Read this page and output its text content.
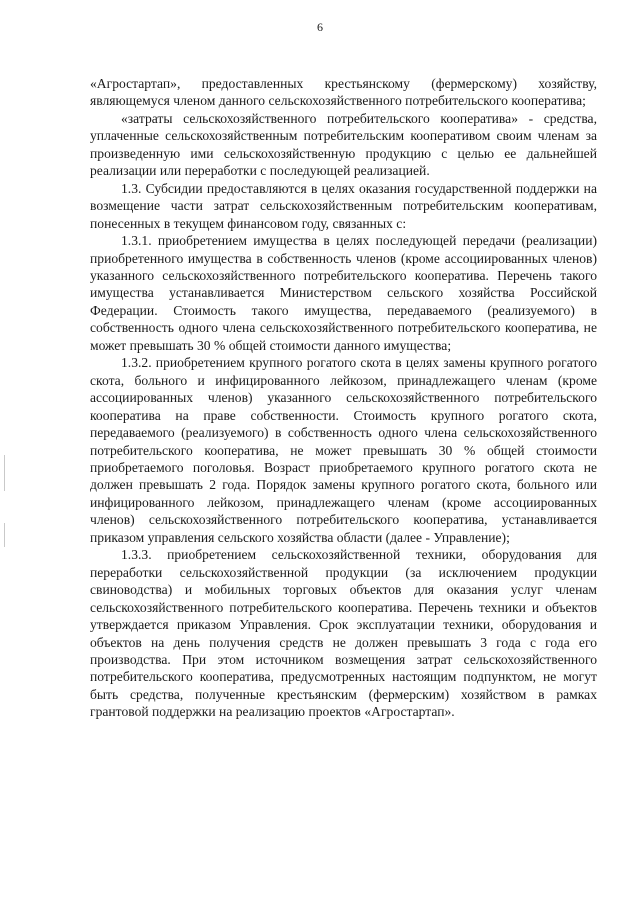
6

«Агростартап», предоставленных крестьянскому (фермерскому) хозяйству, являющемуся членом данного сельскохозяйственного потребительского кооператива;

«затраты сельскохозяйственного потребительского кооператива» - средства, уплаченные сельскохозяйственным потребительским кооперативом своим членам за произведенную ими сельскохозяйственную продукцию с целью ее дальнейшей реализации или переработки с последующей реализацией.

1.3. Субсидии предоставляются в целях оказания государственной поддержки на возмещение части затрат сельскохозяйственным потребительским кооперативам, понесенных в текущем финансовом году, связанных с:

1.3.1. приобретением имущества в целях последующей передачи (реализации) приобретенного имущества в собственность членов (кроме ассоциированных членов) указанного сельскохозяйственного потребительского кооператива. Перечень такого имущества устанавливается Министерством сельского хозяйства Российской Федерации. Стоимость такого имущества, передаваемого (реализуемого) в собственность одного члена сельскохозяйственного потребительского кооператива, не может превышать 30 % общей стоимости данного имущества;

1.3.2. приобретением крупного рогатого скота в целях замены крупного рогатого скота, больного и инфицированного лейкозом, принадлежащего членам (кроме ассоциированных членов) указанного сельскохозяйственного потребительского кооператива на праве собственности. Стоимость крупного рогатого скота, передаваемого (реализуемого) в собственность одного члена сельскохозяйственного потребительского кооператива, не может превышать 30 % общей стоимости приобретаемого поголовья. Возраст приобретаемого крупного рогатого скота не должен превышать 2 года. Порядок замены крупного рогатого скота, больного или инфицированного лейкозом, принадлежащего членам (кроме ассоциированных членов) сельскохозяйственного потребительского кооператива, устанавливается приказом управления сельского хозяйства области (далее - Управление);

1.3.3. приобретением сельскохозяйственной техники, оборудования для переработки сельскохозяйственной продукции (за исключением продукции свиноводства) и мобильных торговых объектов для оказания услуг членам сельскохозяйственного потребительского кооператива. Перечень техники и объектов утверждается приказом Управления. Срок эксплуатации техники, оборудования и объектов на день получения средств не должен превышать 3 года с года его производства. При этом источником возмещения затрат сельскохозяйственного потребительского кооператива, предусмотренных настоящим подпунктом, не могут быть средства, полученные крестьянским (фермерским) хозяйством в рамках грантовой поддержки на реализацию проектов «Агростартап».
